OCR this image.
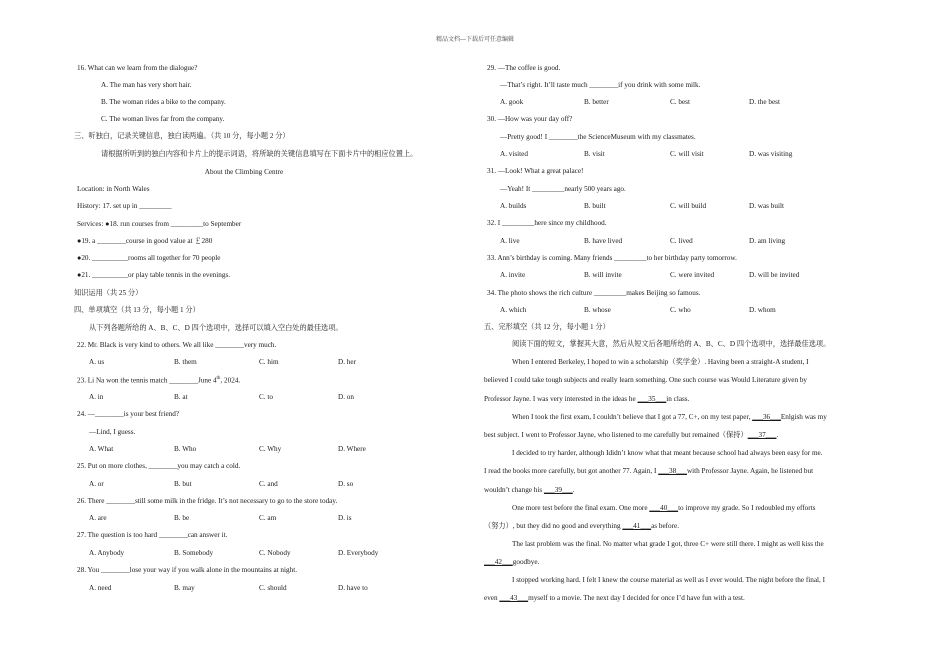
精品文档---下载后可任意编辑
16. What can we learn from the dialogue?
A. The man has very short hair.
B. The woman rides a bike to the company.
C. The woman lives far from the company.
三、听独白，记录关键信息，独白读两遍。（共 10 分，每小题 2 分）
请根据所听到的独白内容和卡片上的提示词语，将所缺的关键信息填写在下面卡片中的相应位置上。
About the Climbing Centre
Location: in North Wales
History: 17. set up in _________
Services: ●18. run courses from _________to September
●19. a ________course in good value at ￡280
●20. __________rooms all together for 70 people
●21. __________or play table tennis in the evenings.
知识运用（共 25 分）
四、单项填空（共 13 分，每小题 1 分）
从下列各题所给的 A、B、C、D 四个选项中，选择可以填入空白处的最佳选项。
22. Mr. Black is very kind to others. We all like ________very much.
A. us	B. them	C. him	D. her
23. Li Na won the tennis match ________June 4th, 2024.
A. in	B. at	C. to	D. on
24. —________is your best friend?
—Lind, I guess.
A. What	B. Who	C. Why	D. Where
25. Put on more clothes, ________you may catch a cold.
A. or	B. but	C. and	D. so
26. There ________still some milk in the fridge. It’s not necessary to go to the store today.
A. are	B. be	C. am	D. is
27. The question is too hard ________can answer it.
A. Anybody	B. Somebody	C. Nobody	D. Everybody
28. You ________lose your way if you walk alone in the mountains at night.
A. need	B. may	C. should	D. have to
29. —The coffee is good.
—That’s right. It’ll taste much ________if you drink with some milk.
A. gook	B. better	C. best	D. the best
30. —How was your day off?
—Pretty good! I ________the ScienceMuseum with my classmates.
A. visited	B. visit	C. will visit	D. was visiting
31. —Look! What a great palace!
—Yeah! It _________nearly 500 years ago.
A. builds	B. built	C. will build	D. was built
32. I _________here since my childhood.
A. live	B. have lived	C. lived	D. am living
33. Ann’s birthday is coming. Many friends _________to her birthday party tomorrow.
A. invite	B. will invite	C. were invited	D. will be invited
34. The photo shows the rich culture _________makes Beijing so famous.
A. which	B. whose	C. who	D. whom
五、完形填空（共 12 分，每小题 1 分）
阅读下面的短文，掌握其大意，然后从短文后各题所给的 A、B、C、D 四个选项中，选择最佳选项。
When I entered Berkeley, I hoped to win a scholarship（奖学金）. Having been a straight-A student, I
believed I could take tough subjects and really learn something. One such course was Would Literature given by
Professor Jayne. I was very interested in the ideas he ___35___in class.
When I took the first exam, I couldn’t believe that I got a 77, C+, on my test paper, ___36___Enlgish was my
best subject. I went to Professor Jayne, who listened to me carefully but remained（保持）___37___.
I decided to try harder, although Ididn’t know what that meant because school had always been easy for me.
I read the books more carefully, but got another 77. Again, I ___38___with Professor Jayne. Again, he listened but
wouldn’t change his ___39___.
One more test before the final exam. One more ___40___to improve my grade. So I redoubled my efforts
（努力）, but they did no good and everything ___41___as before.
The last problem was the final. No matter what grade I got, three C+ were still there. I might as well kiss the
___42___goodbye.
I stopped working hard. I felt I knew the course material as well as I ever would. The night before the final, I
even ___43___myself to a movie. The next day I decided for once I’d have fun with a test.
